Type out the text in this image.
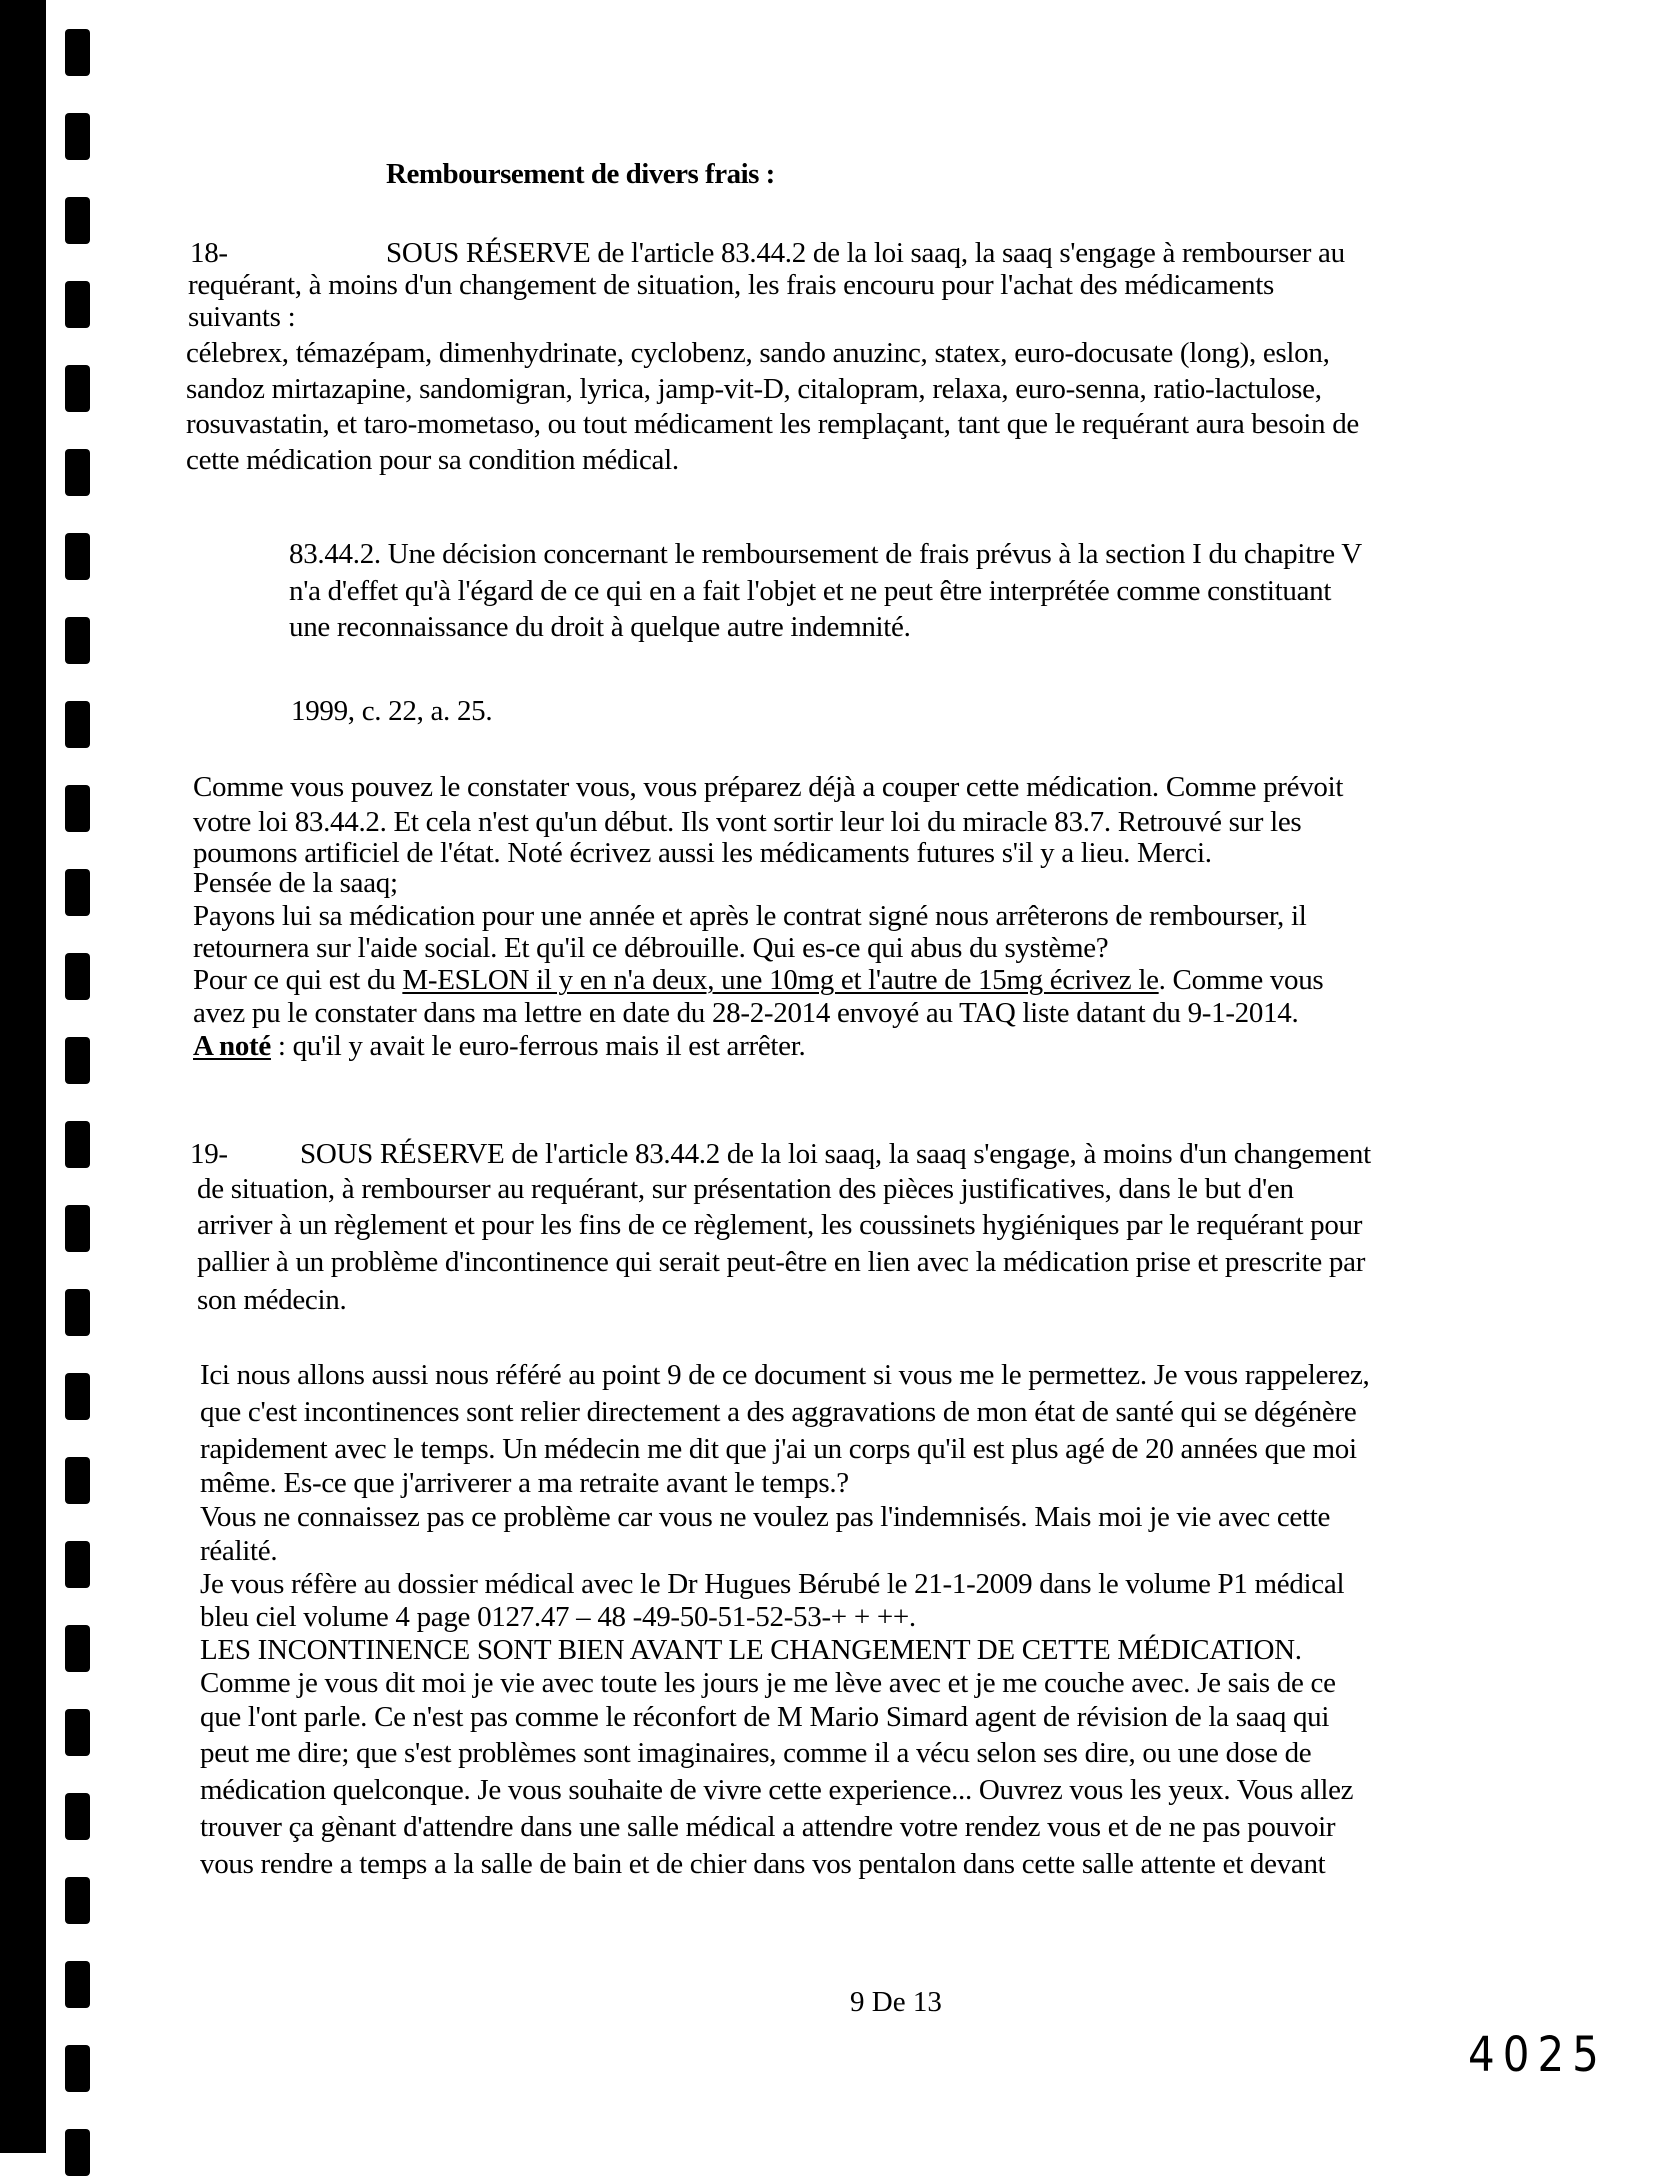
Remboursement de divers frais :
18-	SOUS RÉSERVE de l'article 83.44.2 de la loi saaq, la saaq s'engage à rembourser au
requérant, à moins d'un changement de situation, les frais encouru pour l'achat des médicaments
suivants :
célebrex, témazépam, dimenhydrinate, cyclobenz, sando anuzinc, statex, euro-docusate (long), eslon,
sandoz mirtazapine, sandomigran, lyrica, jamp-vit-D, citalopram, relaxa, euro-senna, ratio-lactulose,
rosuvastatin, et taro-mometaso, ou tout médicament les remplaçant, tant que le requérant aura besoin de
cette médication pour sa condition médical.
83.44.2. Une décision concernant le remboursement de frais prévus à la section I du chapitre V
n'a d'effet qu'à l'égard de ce qui en a fait l'objet et ne peut être interprétée comme constituant
une reconnaissance du droit à quelque autre indemnité.
1999, c. 22, a. 25.
Comme vous pouvez le constater vous, vous préparez déjà a couper cette médication. Comme prévoit
votre loi 83.44.2. Et cela n'est qu'un début. Ils vont sortir leur loi du miracle 83.7. Retrouvé sur les
poumons artificiel de l'état. Noté écrivez aussi les médicaments futures s'il y a lieu. Merci.
Pensée de la saaq;
Payons lui sa médication pour une année et après le contrat signé nous arrêterons de rembourser, il
retournera sur l'aide social. Et qu'il ce débrouille. Qui es-ce qui abus du système?
Pour ce qui est du M-ESLON il y en n'a deux, une 10mg et l'autre de 15mg écrivez le. Comme vous
avez pu le constater dans ma lettre en date du 28-2-2014 envoyé au TAQ liste datant du 9-1-2014.
A noté : qu'il y avait le euro-ferrous mais il est arrêter.
19- SOUS RÉSERVE de l'article 83.44.2 de la loi saaq, la saaq s'engage, à moins d'un changement
de situation, à rembourser au requérant, sur présentation des pièces justificatives, dans le but d'en
arriver à un règlement et pour les fins de ce règlement, les coussinets hygiéniques par le requérant pour
pallier à un problème d'incontinence qui serait peut-être en lien avec la médication prise et prescrite par
son médecin.
Ici nous allons aussi nous référé au point 9 de ce document si vous me le permettez. Je vous rappelerez,
que c'est incontinences sont relier directement a des aggravations de mon état de santé qui se dégénère
rapidement avec le temps. Un médecin me dit que j'ai un corps qu'il est plus agé de 20 années que moi
même. Es-ce que j'arriverer a ma retraite avant le temps.?
Vous ne connaissez pas ce problème car vous ne voulez pas l'indemnisés. Mais moi je vie avec cette
réalité.
Je vous réfère au dossier médical avec le Dr Hugues Bérubé le 21-1-2009 dans le volume P1 médical
bleu ciel volume 4 page 0127.47 – 48 -49-50-51-52-53-+ + ++.
LES INCONTINENCE SONT BIEN AVANT LE CHANGEMENT DE CETTE MÉDICATION.
Comme je vous dit moi je vie avec toute les jours je me lève avec et je me couche avec. Je sais de ce
que l'ont parle. Ce n'est pas comme le réconfort de M Mario Simard agent de révision de la saaq qui
peut me dire; que s'est problèmes sont imaginaires, comme il a vécu selon ses dire, ou une dose de
médication quelconque. Je vous souhaite de vivre cette experience... Ouvrez vous les yeux. Vous allez
trouver ça gènant d'attendre dans une salle médical a attendre votre rendez vous et de ne pas pouvoir
vous rendre a temps a la salle de bain et de chier dans vos pentalon dans cette salle attente et devant
9 De 13
4025
